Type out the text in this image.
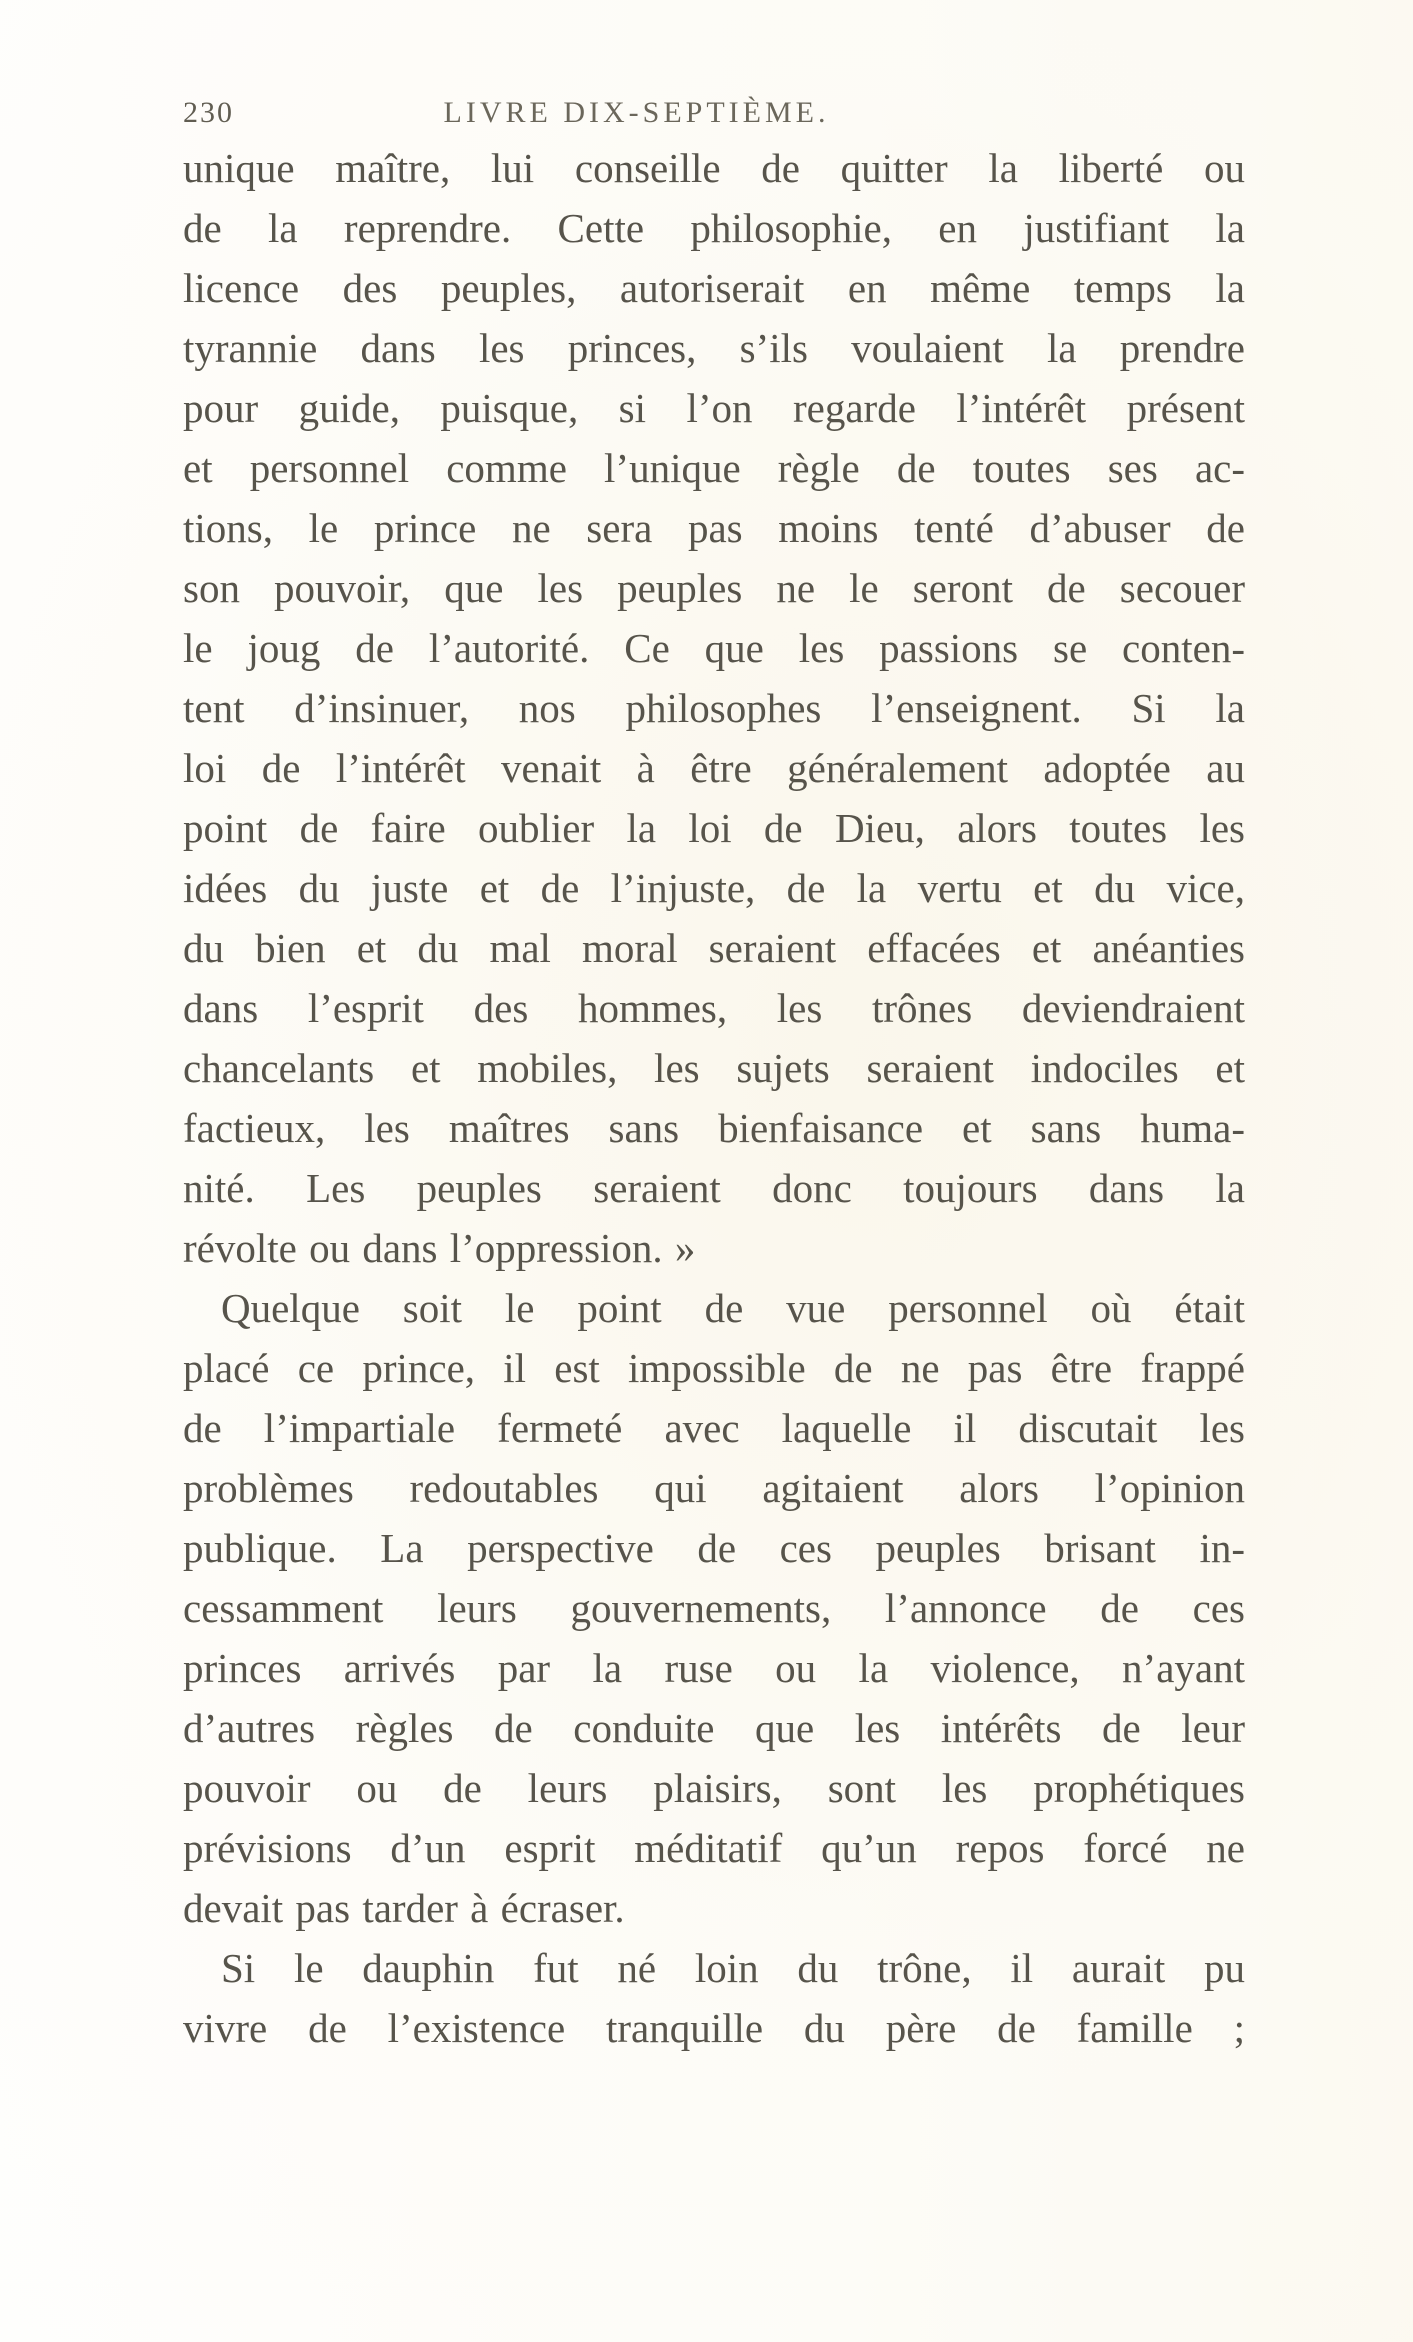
230	LIVRE DIX-SEPTIÈME.
unique maître, lui conseille de quitter la liberté ou
de la reprendre. Cette philosophie, en justifiant la
licence des peuples, autoriserait en même temps la
tyrannie dans les princes, s’ils voulaient la prendre
pour guide, puisque, si l’on regarde l’intérêt présent
et personnel comme l’unique règle de toutes ses ac-
tions, le prince ne sera pas moins tenté d’abuser de
son pouvoir, que les peuples ne le seront de secouer
le joug de l’autorité. Ce que les passions se conten-
tent d’insinuer, nos philosophes l’enseignent. Si la
loi de l’intérêt venait à être généralement adoptée au
point de faire oublier la loi de Dieu, alors toutes les
idées du juste et de l’injuste, de la vertu et du vice,
du bien et du mal moral seraient effacées et anéanties
dans l’esprit des hommes, les trônes deviendraient
chancelants et mobiles, les sujets seraient indociles et
factieux, les maîtres sans bienfaisance et sans huma-
nité. Les peuples seraient donc toujours dans la
révolte ou dans l’oppression. »
Quelque soit le point de vue personnel où était
placé ce prince, il est impossible de ne pas être frappé
de l’impartiale fermeté avec laquelle il discutait les
problèmes redoutables qui agitaient alors l’opinion
publique. La perspective de ces peuples brisant in-
cessamment leurs gouvernements, l’annonce de ces
princes arrivés par la ruse ou la violence, n’ayant
d’autres règles de conduite que les intérêts de leur
pouvoir ou de leurs plaisirs, sont les prophétiques
prévisions d’un esprit méditatif qu’un repos forcé ne
devait pas tarder à écraser.
Si le dauphin fut né loin du trône, il aurait pu
vivre de l’existence tranquille du père de famille ;
